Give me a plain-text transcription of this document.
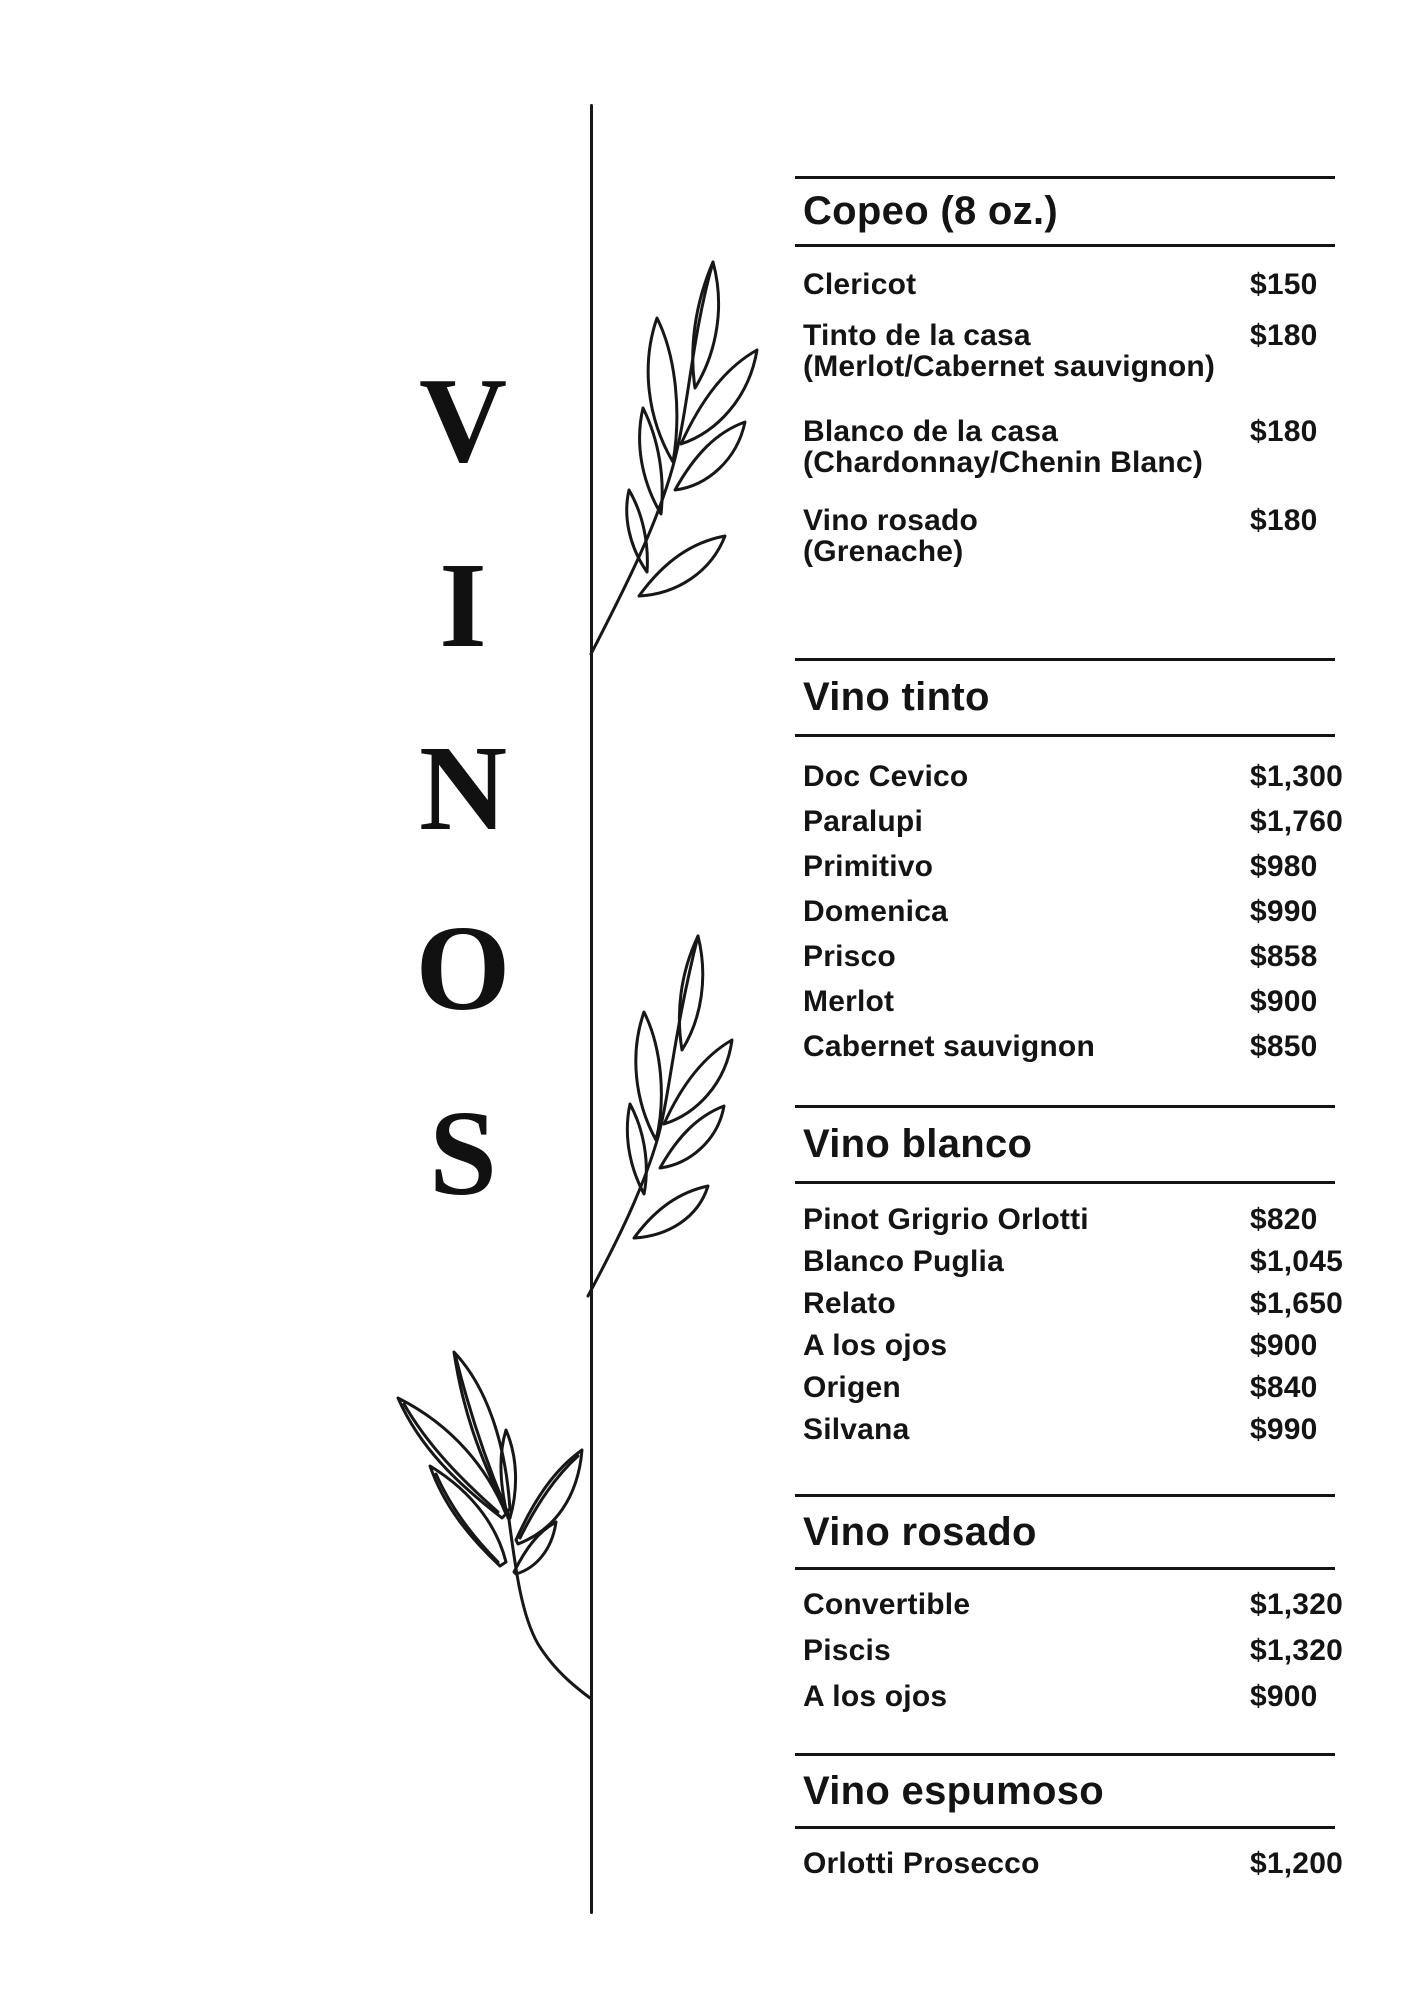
V
I
N
O
S
Copeo (8 oz.)
Clericot	$150
Tinto de la casa
(Merlot/Cabernet sauvignon)
$180
Blanco de la casa
(Chardonnay/Chenin Blanc)
$180
Vino rosado
(Grenache)
$180
Vino tinto
Doc Cevico	$1,300
Paralupi	$1,760
Primitivo	$980
Domenica	$990
Prisco	$858
Merlot	$900
Cabernet sauvignon	$850
Vino blanco
Pinot Grigrio Orlotti	$820
Blanco Puglia	$1,045
Relato	$1,650
A los ojos	$900
Origen	$840
Silvana	$990
Vino rosado
Convertible	$1,320
Piscis	$1,320
A los ojos	$900
Vino espumoso
Orlotti Prosecco	$1,200
